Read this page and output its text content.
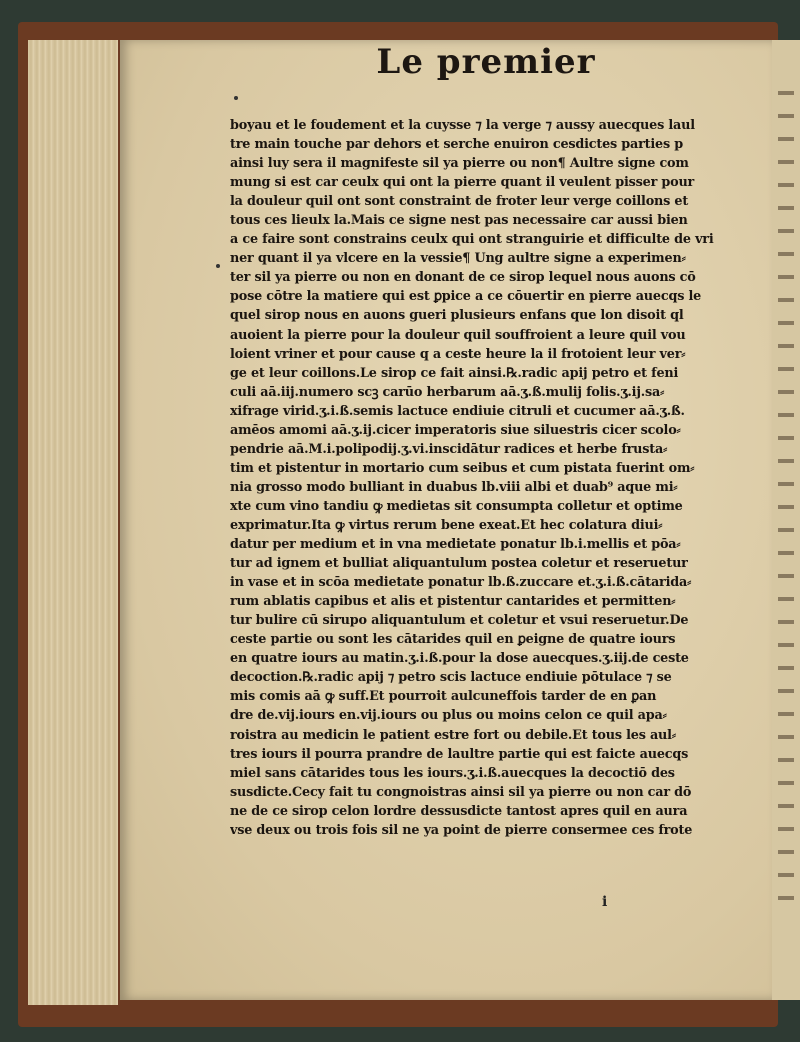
Le premier
boyau et le foudement et la cuysse ⁊ la verge ⁊ aussy auecques laul
tre main touche par dehors et serche enuiron cesdictes parties p
ainsi luy sera il magnifeste sil ya pierre ou non¶ Aultre signe com
mung si est car ceulx qui ont la pierre quant il veulent pisser pour
la douleur quil ont sont constraint de froter leur verge coillons et
tous ces lieulx la.Mais ce signe nest pas necessaire car aussi bien
a ce faire sont constrains ceulx qui ont stranguirie et difficulte de vri
ner quant il ya vlcere en la vessie¶ Ung aultre signe a experimen⸗
ter sil ya pierre ou non en donant de ce sirop lequel nous auons cō
pose cōtre la matiere qui est ꝑpice a ce cōuertir en pierre auecqs le
quel sirop nous en auons gueri plusieurs enfans que lon disoit ql
auoient la pierre pour la douleur quil souffroient a leure quil vou
loient vriner et pour cause q a ceste heure la il frotoient leur ver⸗
ge et leur coillons.Le sirop ce fait ainsi.℞.radic apij petro et feni
culi aā.iij.numero scꝫ carūo herbarum aā.ʒ.ß.mulij folis.ʒ.ij.sa⸗
xifrage virid.ʒ.i.ß.semis lactuce endiuie citruli et cucumer aā.ʒ.ß.
amēos amomi aā.ʒ.ij.cicer imperatoris siue siluestris cicer scolo⸗
pendrie aā.M.i.polipodij.ʒ.vi.inscidātur radices et herbe frusta⸗
tim et pistentur in mortario cum seibus et cum pistata fuerint om⸗
nia grosso modo bulliant in duabus lb.viii albi et duab⁹ aque mi⸗
xte cum vino tandiu ꝙ medietas sit consumpta colletur et optime
exprimatur.Ita ꝙ virtus rerum bene exeat.Et hec colatura diui⸗
datur per medium et in vna medietate ponatur lb.i.mellis et pōa⸗
tur ad ignem et bulliat aliquantulum postea coletur et reseruetur
in vase et in scōa medietate ponatur lb.ß.zuccare et.ʒ.i.ß.cātarida⸗
rum ablatis capibus et alis et pistentur cantarides et permitten⸗
tur bulire cū sirupo aliquantulum et coletur et vsui reseruetur.De
ceste partie ou sont les cātarides quil en ꝑeigne de quatre iours
en quatre iours au matin.ʒ.i.ß.pour la dose auecques.ʒ.iij.de ceste
decoction.℞.radic apij ⁊ petro scis lactuce endiuie pōtulace ⁊ se
mis comis aā ꝙ suff.Et pourroit aulcuneffois tarder de en ꝑan
dre de.vij.iours en.vij.iours ou plus ou moins celon ce quil apa⸗
roistra au medicin le patient estre fort ou debile.Et tous les aul⸗
tres iours il pourra prandre de laultre partie qui est faicte auecqs
miel sans cātarides tous les iours.ʒ.i.ß.auecques la decoctiō des
susdicte.Cecy fait tu congnoistras ainsi sil ya pierre ou non car dō
ne de ce sirop celon lordre dessusdicte tantost apres quil en aura
vse deux ou trois fois sil ne ya point de pierre consermee ces frote
i
